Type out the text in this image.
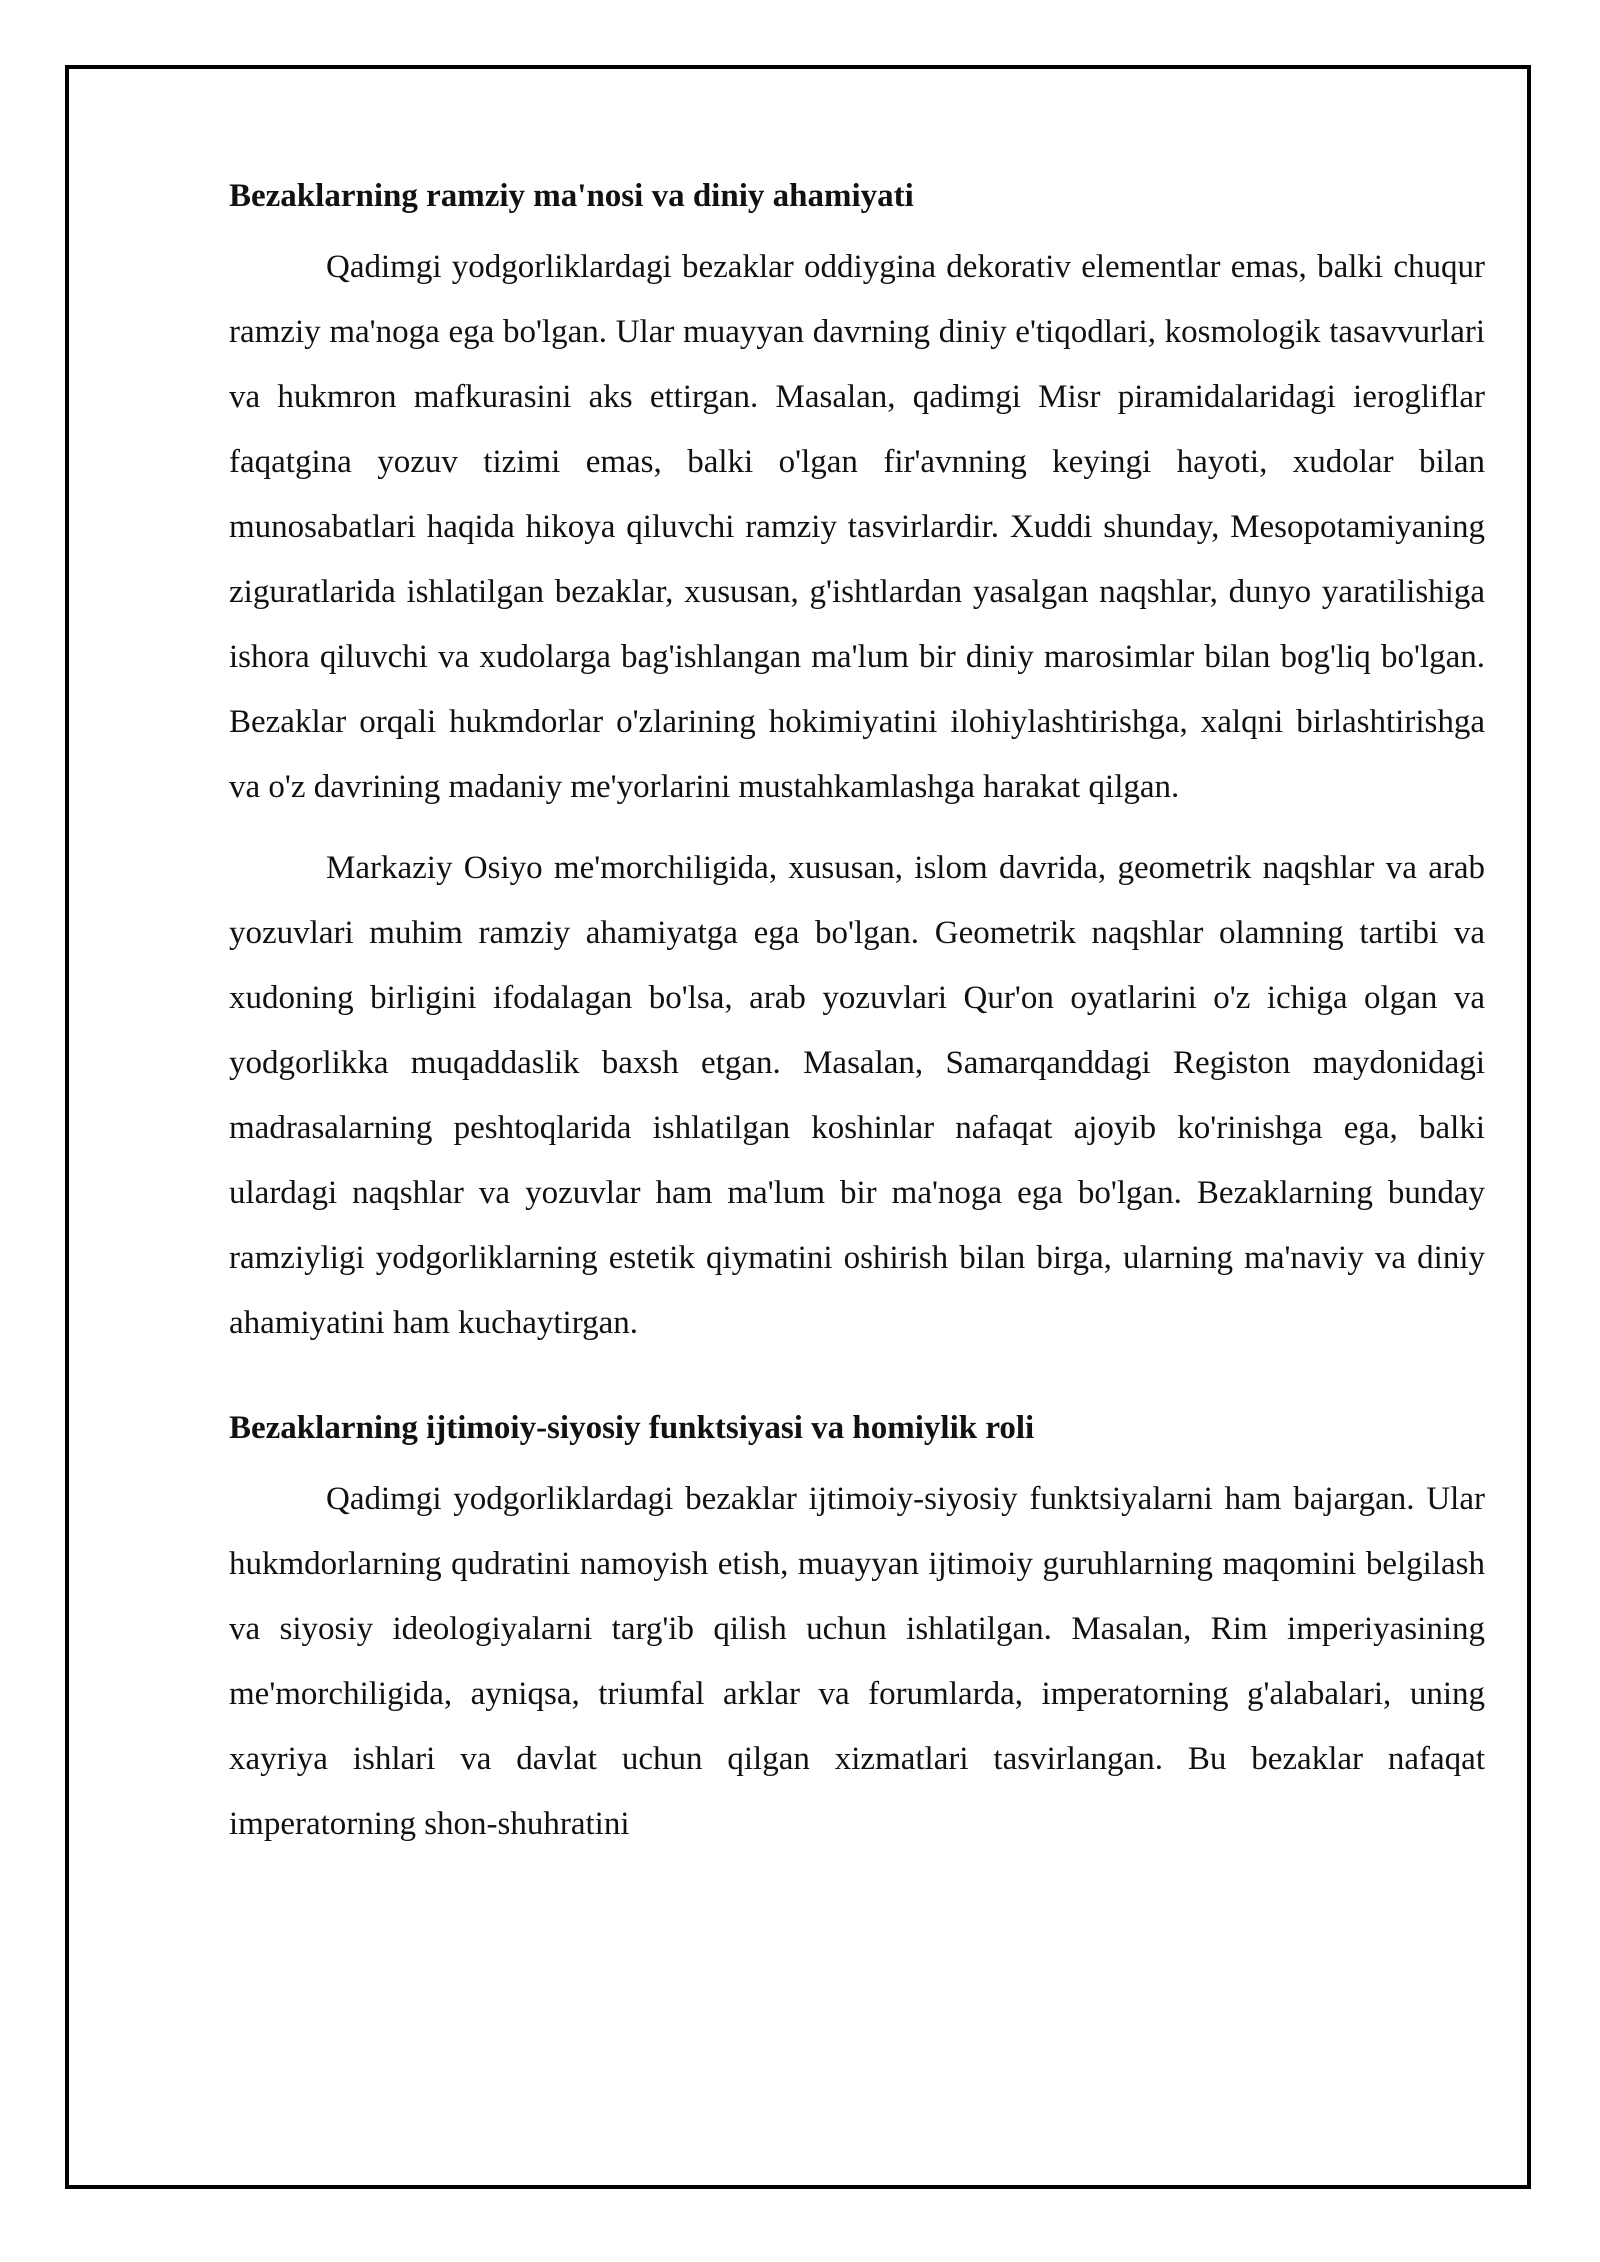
Bezaklarning ramziy ma'nosi va diniy ahamiyati

Qadimgi yodgorliklardagi bezaklar oddiygina dekorativ elementlar emas, balki chuqur ramziy ma'noga ega bo'lgan. Ular muayyan davrning diniy e'tiqodlari, kosmologik tasavvurlari va hukmron mafkurasini aks ettirgan. Masalan, qadimgi Misr piramidalaridagi ierogliflar faqatgina yozuv tizimi emas, balki o'lgan fir'avnning keyingi hayoti, xudolar bilan munosabatlari haqida hikoya qiluvchi ramziy tasvirlardir. Xuddi shunday, Mesopotamiyaning ziguratlarida ishlatilgan bezaklar, xususan, g'ishtlardan yasalgan naqshlar, dunyo yaratilishiga ishora qiluvchi va xudolarga bag'ishlangan ma'lum bir diniy marosimlar bilan bog'liq bo'lgan. Bezaklar orqali hukmdorlar o'zlarining hokimiyatini ilohiylashtirishga, xalqni birlashtirishga va o'z davrining madaniy me'yorlarini mustahkamlashga harakat qilgan.

Markaziy Osiyo me'morchiligida, xususan, islom davrida, geometrik naqshlar va arab yozuvlari muhim ramziy ahamiyatga ega bo'lgan. Geometrik naqshlar olamning tartibi va xudoning birligini ifodalagan bo'lsa, arab yozuvlari Qur'on oyatlarini o'z ichiga olgan va yodgorlikka muqaddaslik baxsh etgan. Masalan, Samarqanddagi Registon maydonidagi madrasalarning peshtoqlarida ishlatilgan koshinlar nafaqat ajoyib ko'rinishga ega, balki ulardagi naqshlar va yozuvlar ham ma'lum bir ma'noga ega bo'lgan. Bezaklarning bunday ramziyligi yodgorliklarning estetik qiymatini oshirish bilan birga, ularning ma'naviy va diniy ahamiyatini ham kuchaytirgan.

Bezaklarning ijtimoiy-siyosiy funktsiyasi va homiylik roli

Qadimgi yodgorliklardagi bezaklar ijtimoiy-siyosiy funktsiyalarni ham bajargan. Ular hukmdorlarning qudratini namoyish etish, muayyan ijtimoiy guruhlarning maqomini belgilash va siyosiy ideologiyalarni targ'ib qilish uchun ishlatilgan. Masalan, Rim imperiyasining me'morchiligida, ayniqsa, triumfal arklar va forumlarda, imperatorning g'alabalari, uning xayriya ishlari va davlat uchun qilgan xizmatlari tasvirlangan. Bu bezaklar nafaqat imperatorning shon-shuhratini
